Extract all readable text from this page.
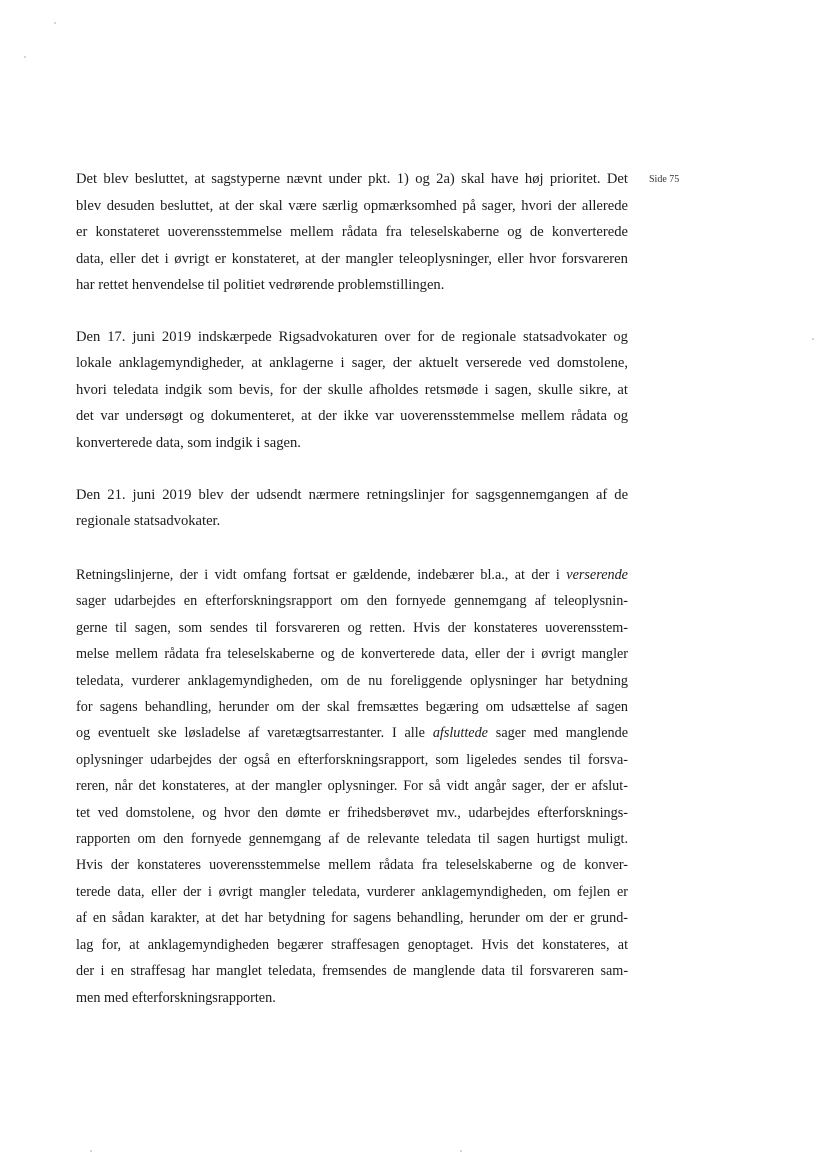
Side 75

Det blev besluttet, at sagstyperne nævnt under pkt. 1) og 2a) skal have høj prioritet. Det
blev desuden besluttet, at der skal være særlig opmærksomhed på sager, hvori der allerede
er konstateret uoverensstemmelse mellem rådata fra teleselskaberne og de konverterede
data, eller det i øvrigt er konstateret, at der mangler teleoplysninger, eller hvor forsvareren
har rettet henvendelse til politiet vedrørende problemstillingen.

Den 17. juni 2019 indskærpede Rigsadvokaturen over for de regionale statsadvokater og
lokale anklagemyndigheder, at anklagerne i sager, der aktuelt verserede ved domstolene,
hvori teledata indgik som bevis, for der skulle afholdes retsmøde i sagen, skulle sikre, at
det var undersøgt og dokumenteret, at der ikke var uoverensstemmelse mellem rådata og
konverterede data, som indgik i sagen.

Den 21. juni 2019 blev der udsendt nærmere retningslinjer for sagsgennemgangen af de
regionale statsadvokater.

Retningslinjerne, der i vidt omfang fortsat er gældende, indebærer bl.a., at der i verserende
sager udarbejdes en efterforskningsrapport om den fornyede gennemgang af teleoplysnin-
gerne til sagen, som sendes til forsvareren og retten. Hvis der konstateres uoverensstem-
melse mellem rådata fra teleselskaberne og de konverterede data, eller der i øvrigt mangler
teledata, vurderer anklagemyndigheden, om de nu foreliggende oplysninger har betydning
for sagens behandling, herunder om der skal fremsættes begæring om udsættelse af sagen
og eventuelt ske løsladelse af varetægtsarrestanter. I alle afsluttede sager med manglende
oplysninger udarbejdes der også en efterforskningsrapport, som ligeledes sendes til forsva-
reren, når det konstateres, at der mangler oplysninger. For så vidt angår sager, der er afslut-
tet ved domstolene, og hvor den dømte er frihedsberøvet mv., udarbejdes efterforsknings-
rapporten om den fornyede gennemgang af de relevante teledata til sagen hurtigst muligt.
Hvis der konstateres uoverensstemmelse mellem rådata fra teleselskaberne og de konver-
terede data, eller der i øvrigt mangler teledata, vurderer anklagemyndigheden, om fejlen er
af en sådan karakter, at det har betydning for sagens behandling, herunder om der er grund-
lag for, at anklagemyndigheden begærer straffesagen genoptaget. Hvis det konstateres, at
der i en straffesag har manglet teledata, fremsendes de manglende data til forsvareren sam-
men med efterforskningsrapporten.
